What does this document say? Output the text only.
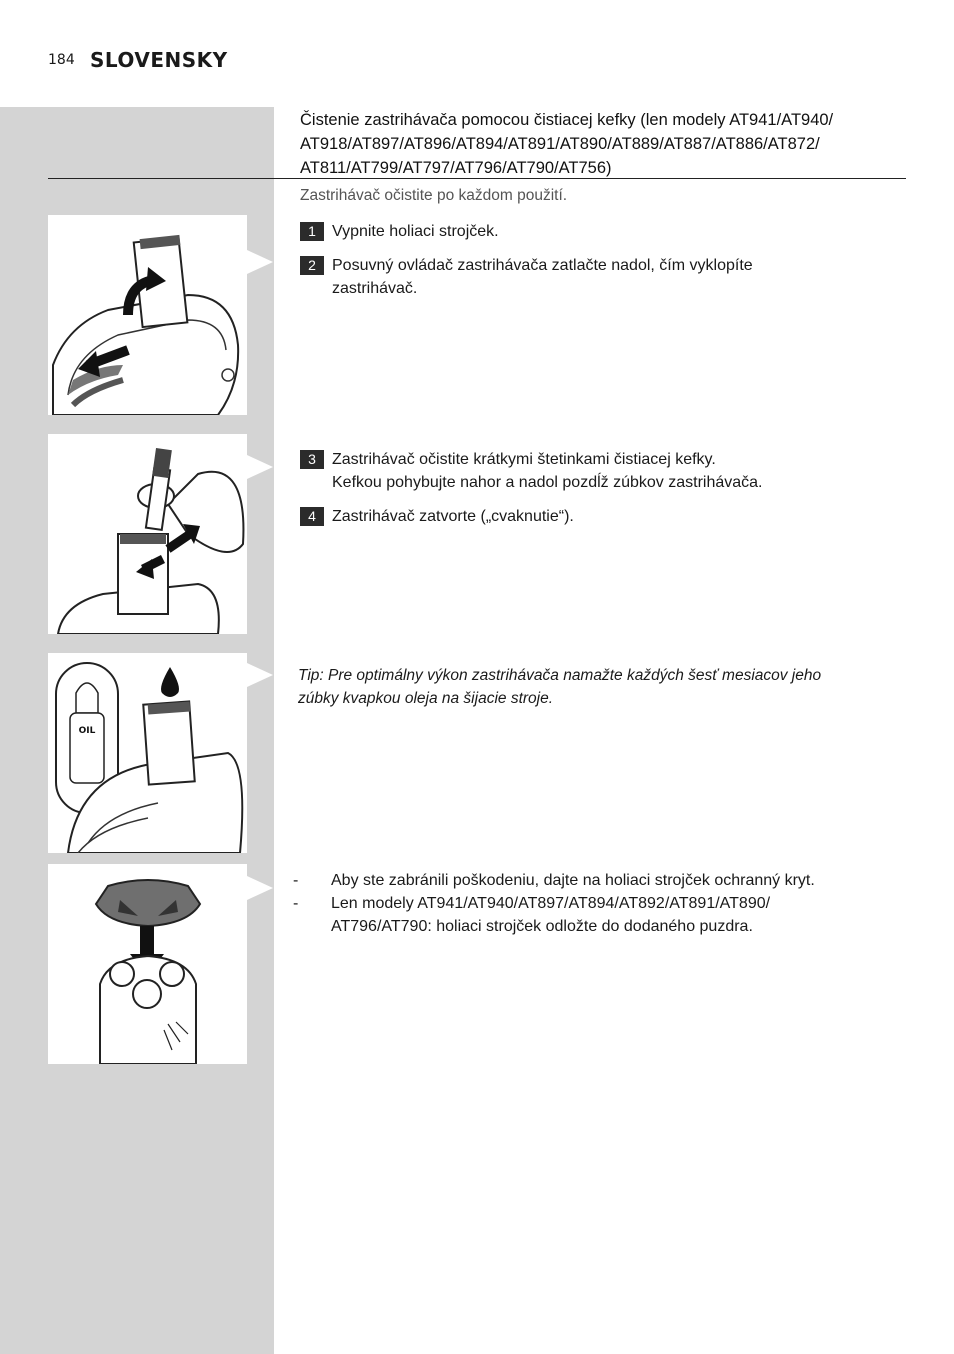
184 SLOVENSKY
Čistenie zastrihávača pomocou čistiacej kefky (len modely AT941/AT940/
AT918/AT897/AT896/AT894/AT891/AT890/AT889/AT887/AT886/AT872/
AT811/AT799/AT797/AT796/AT790/AT756)
Zastrihávač očistite po každom použití.
1	Vypnite holiaci strojček.
2	Posuvný ovládač zastrihávača zatlačte nadol, čím vyklopíte
zastrihávač.
3	Zastrihávač očistite krátkymi štetinkami čistiacej kefky.
Kefkou pohybujte nahor a nadol pozdĺž zúbkov zastrihávača.
4	Zastrihávač zatvorte („cvaknutie“).
Tip: Pre optimálny výkon zastrihávača namažte každých šesť mesiacov jeho
zúbky kvapkou oleja na šijacie stroje.
-	Aby ste zabránili poškodeniu, dajte na holiaci strojček ochranný kryt.
-	Len modely AT941/AT940/AT897/AT894/AT892/AT891/AT890/
AT796/AT790: holiaci strojček odložte do dodaného puzdra.
OIL
